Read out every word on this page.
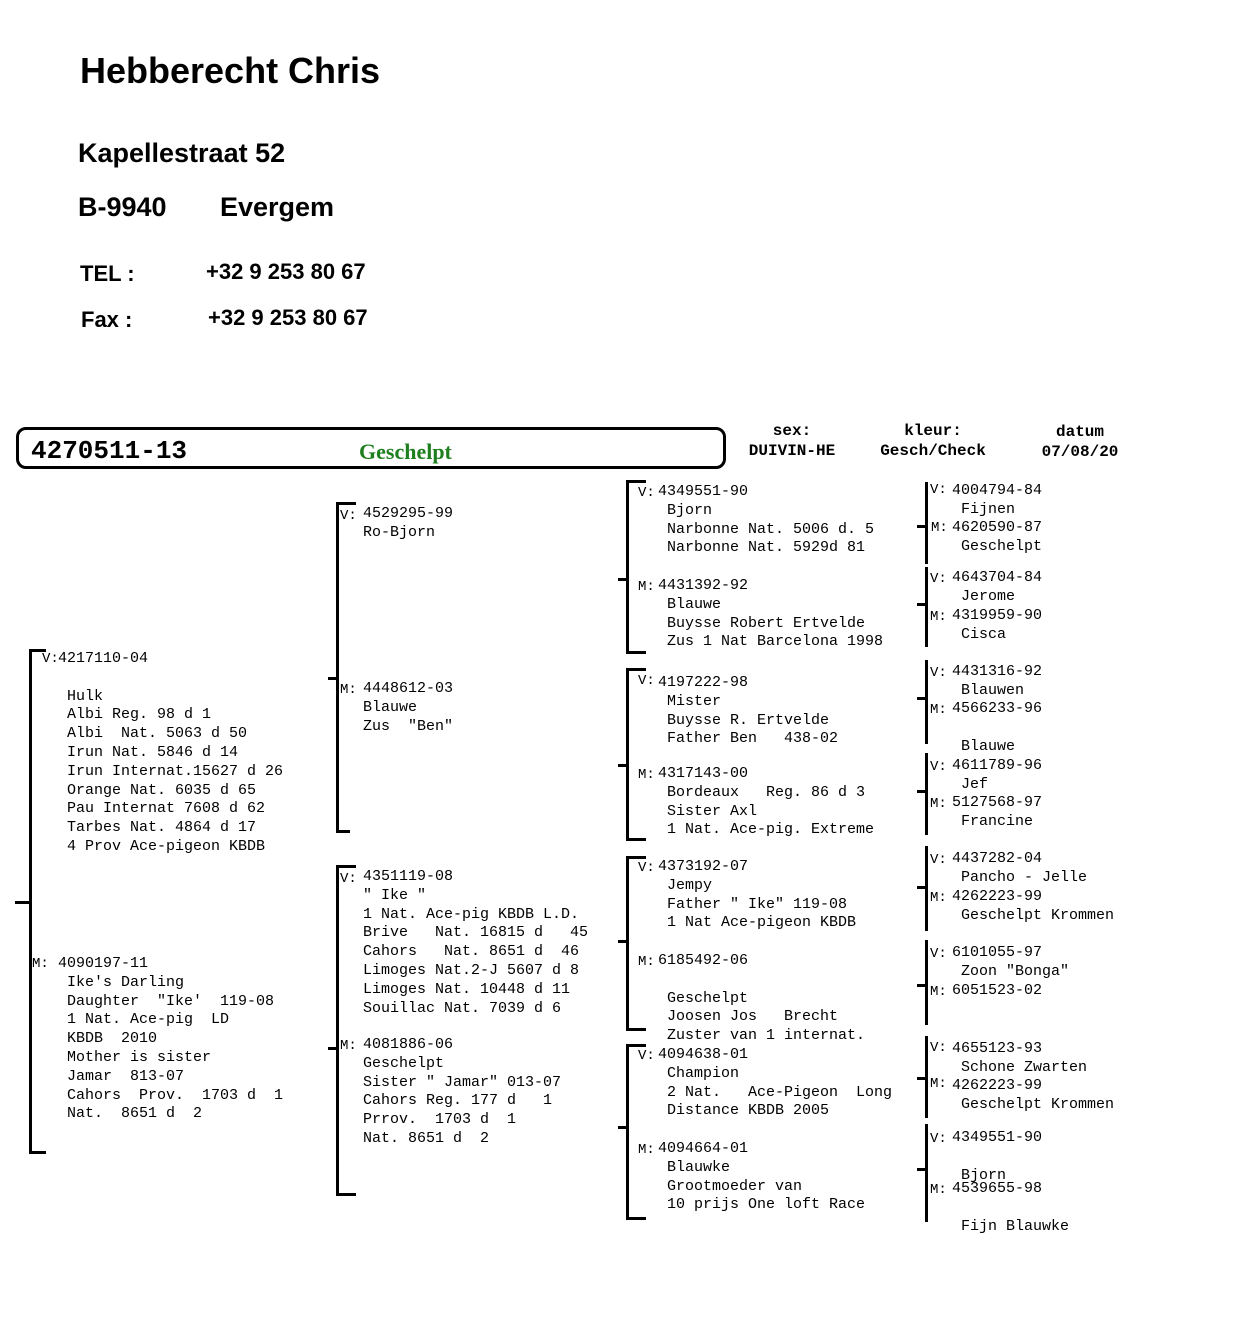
Hebberecht Chris
Kapellestraat 52
B-9940 Evergem
TEL :	+32 9 253 80 67
Fax :	+32 9 253 80 67
4270511-13	Geschelpt
sex:
DUIVIN-HE
kleur:
Gesch/Check
datum
07/08/20
V: 4217110-04

Hulk
Albi Reg. 98 d 1
Albi  Nat. 5063 d 50
Irun Nat. 5846 d 14
Irun Internat.15627 d 26
Orange Nat. 6035 d 65
Pau Internat 7608 d 62
Tarbes Nat. 4864 d 17
4 Prov Ace-pigeon KBDB
M: 4090197-11
Ike's Darling
Daughter  "Ike'  119-08
1 Nat. Ace-pig  LD
KBDB  2010
Mother is sister
Jamar  813-07
Cahors  Prov.  1703 d  1
Nat.  8651 d  2
V: 4529295-99
Ro-Bjorn
M: 4448612-03
Blauwe
Zus  "Ben"
V: 4351119-08
" Ike "
1 Nat. Ace-pig KBDB L.D.
Brive   Nat. 16815 d   45
Cahors   Nat. 8651 d  46
Limoges Nat.2-J 5607 d 8
Limoges Nat. 10448 d 11
Souillac Nat. 7039 d 6
M: 4081886-06
Geschelpt
Sister " Jamar" 013-07
Cahors Reg. 177 d   1
Prrov.  1703 d  1
Nat. 8651 d  2
V: 4349551-90
Bjorn
Narbonne Nat. 5006 d. 5
Narbonne Nat. 5929d 81
M: 4431392-92
Blauwe
Buysse Robert Ertvelde
Zus 1 Nat Barcelona 1998
V: 4197222-98
Mister
Buysse R. Ertvelde
Father Ben   438-02
M: 4317143-00
Bordeaux   Reg. 86 d 3
Sister Axl
1 Nat. Ace-pig. Extreme
V: 4373192-07
Jempy
Father " Ike" 119-08
1 Nat Ace-pigeon KBDB
M: 6185492-06

Geschelpt
Joosen Jos   Brecht
Zuster van 1 internat.
V: 4094638-01
Champion
2 Nat.   Ace-Pigeon  Long
Distance KBDB 2005
M: 4094664-01
Blauwke
Grootmoeder van
10 prijs One loft Race
V: 4004794-84
Fijnen
M: 4620590-87
Geschelpt
V: 4643704-84
Jerome
M: 4319959-90
Cisca
V: 4431316-92
Blauwen
M: 4566233-96

Blauwe
V: 4611789-96
Jef
M: 5127568-97
Francine
V: 4437282-04
Pancho - Jelle
M: 4262223-99
Geschelpt Krommen
V: 6101055-97
Zoon "Bonga"
M: 6051523-02
V: 4655123-93
Schone Zwarten
M: 4262223-99
Geschelpt Krommen
V: 4349551-90

Bjorn
M: 4539655-98

Fijn Blauwke
